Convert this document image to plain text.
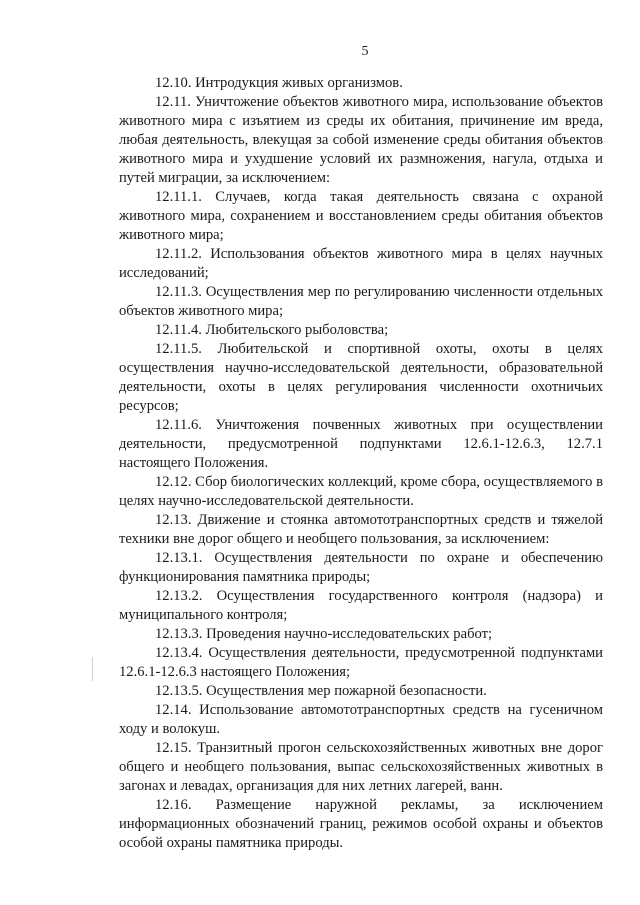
5

12.10. Интродукция живых организмов.

12.11. Уничтожение объектов животного мира, использование объектов животного мира с изъятием из среды их обитания, причинение им вреда, любая деятельность, влекущая за собой изменение среды обитания объектов животного мира и ухудшение условий их размножения, нагула, отдыха и путей миграции, за исключением:

12.11.1. Случаев, когда такая деятельность связана с охраной животного мира, сохранением и восстановлением среды обитания объектов животного мира;

12.11.2. Использования объектов животного мира в целях научных исследований;

12.11.3. Осуществления мер по регулированию численности отдельных объектов животного мира;

12.11.4. Любительского рыболовства;

12.11.5. Любительской и спортивной охоты, охоты в целях осуществления научно-исследовательской деятельности, образовательной деятельности, охоты в целях регулирования численности охотничьих ресурсов;

12.11.6. Уничтожения почвенных животных при осуществлении деятельности, предусмотренной подпунктами 12.6.1-12.6.3, 12.7.1 настоящего Положения.

12.12. Сбор биологических коллекций, кроме сбора, осуществляемого в целях научно-исследовательской деятельности.

12.13. Движение и стоянка автомототранспортных средств и тяжелой техники вне дорог общего и необщего пользования, за исключением:

12.13.1. Осуществления деятельности по охране и обеспечению функционирования памятника природы;

12.13.2. Осуществления государственного контроля (надзора) и муниципального контроля;

12.13.3. Проведения научно-исследовательских работ;

12.13.4. Осуществления деятельности, предусмотренной подпунктами 12.6.1-12.6.3 настоящего Положения;

12.13.5. Осуществления мер пожарной безопасности.

12.14. Использование автомототранспортных средств на гусеничном ходу и волокуш.

12.15. Транзитный прогон сельскохозяйственных животных вне дорог общего и необщего пользования, выпас сельскохозяйственных животных в загонах и левадах, организация для них летних лагерей, ванн.

12.16. Размещение наружной рекламы, за исключением информационных обозначений границ, режимов особой охраны и объектов особой охраны памятника природы.
